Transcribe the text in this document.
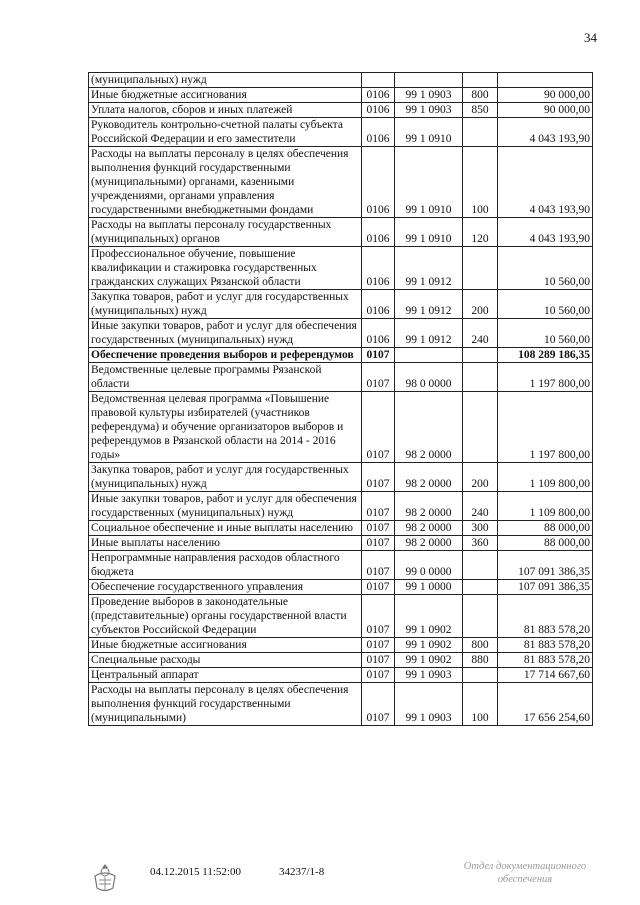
34
(муниципальных) нужд				
Иные бюджетные ассигнования	0106	99 1 0903	800	90 000,00
Уплата налогов, сборов и иных платежей	0106	99 1 0903	850	90 000,00
Руководитель контрольно-счетной палаты субъекта Российской Федерации и его заместители	0106	99 1 0910		4 043 193,90
Расходы на выплаты персоналу в целях обеспечения выполнения функций государственными (муниципальными) органами, казенными учреждениями, органами управления государственными внебюджетными фондами	0106	99 1 0910	100	4 043 193,90
Расходы на выплаты персоналу государственных (муниципальных) органов	0106	99 1 0910	120	4 043 193,90
Профессиональное обучение, повышение квалификации и стажировка государственных гражданских служащих Рязанской области	0106	99 1 0912		10 560,00
Закупка товаров, работ и услуг для государственных (муниципальных) нужд	0106	99 1 0912	200	10 560,00
Иные закупки товаров, работ и услуг для обеспечения государственных (муниципальных) нужд	0106	99 1 0912	240	10 560,00
Обеспечение проведения выборов и референдумов	0107			108 289 186,35
Ведомственные целевые программы Рязанской области	0107	98 0 0000		1 197 800,00
Ведомственная целевая программа «Повышение правовой культуры избирателей (участников референдума) и обучение организаторов выборов и референдумов в Рязанской области на 2014 - 2016 годы»	0107	98 2 0000		1 197 800,00
Закупка товаров, работ и услуг для государственных (муниципальных) нужд	0107	98 2 0000	200	1 109 800,00
Иные закупки товаров, работ и услуг для обеспечения государственных (муниципальных) нужд	0107	98 2 0000	240	1 109 800,00
Социальное обеспечение и иные выплаты населению	0107	98 2 0000	300	88 000,00
Иные выплаты населению	0107	98 2 0000	360	88 000,00
Непрограммные направления расходов областного бюджета	0107	99 0 0000		107 091 386,35
Обеспечение государственного управления	0107	99 1 0000		107 091 386,35
Проведение выборов в законодательные (представительные) органы государственной власти субъектов Российской Федерации	0107	99 1 0902		81 883 578,20
Иные бюджетные ассигнования	0107	99 1 0902	800	81 883 578,20
Специальные расходы	0107	99 1 0902	880	81 883 578,20
Центральный аппарат	0107	99 1 0903		17 714 667,60
Расходы на выплаты персоналу в целях обеспечения выполнения функций государственными (муниципальными)	0107	99 1 0903	100	17 656 254,60
04.12.2015 11:52:00	34237/1-8	Отдел документационного
обеспечения
